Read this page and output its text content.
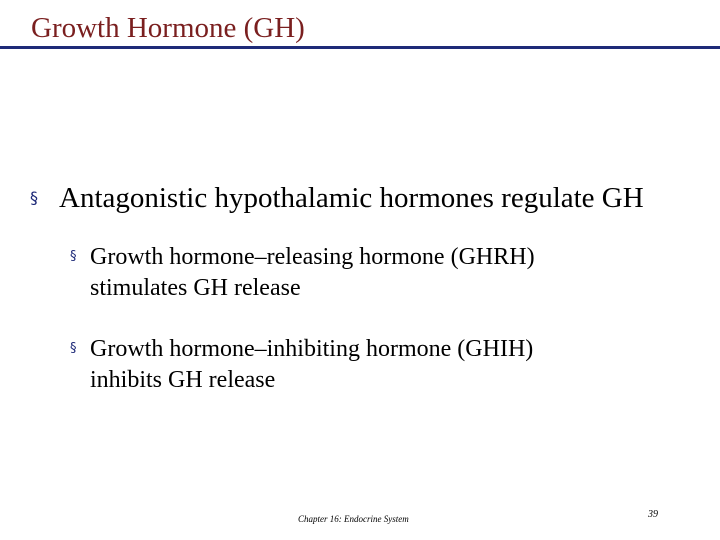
Growth Hormone (GH)
§ Antagonistic hypothalamic hormones regulate GH
§ Growth hormone–releasing hormone (GHRH)
stimulates GH release
§ Growth hormone–inhibiting hormone (GHIH)
inhibits GH release
Chapter 16: Endocrine System	39
